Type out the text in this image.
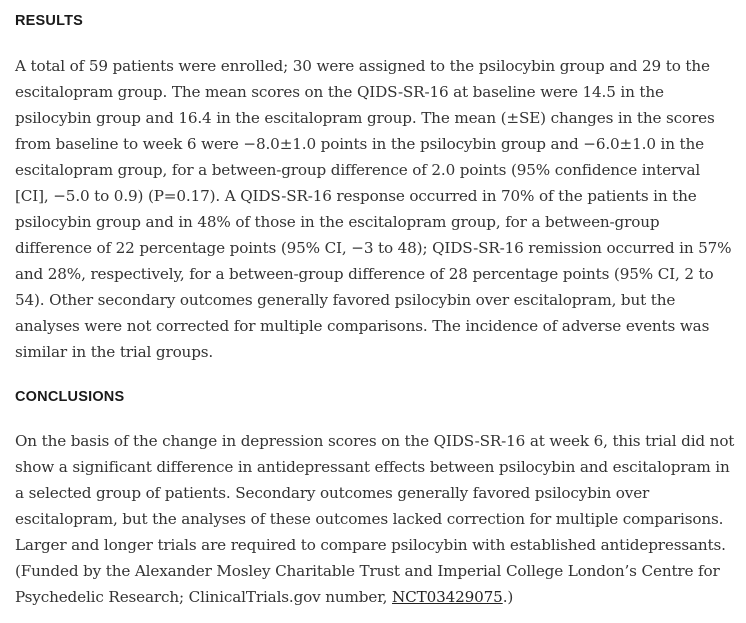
RESULTS

A total of 59 patients were enrolled; 30 were assigned to the psilocybin group and 29 to the escitalopram group. The mean scores on the QIDS-SR-16 at baseline were 14.5 in the psilocybin group and 16.4 in the escitalopram group. The mean (±SE) changes in the scores from baseline to week 6 were −8.0±1.0 points in the psilocybin group and −6.0±1.0 in the escitalopram group, for a between-group difference of 2.0 points (95% confidence interval [CI], −5.0 to 0.9) (P=0.17). A QIDS-SR-16 response occurred in 70% of the patients in the psilocybin group and in 48% of those in the escitalopram group, for a between-group difference of 22 percentage points (95% CI, −3 to 48); QIDS-SR-16 remission occurred in 57% and 28%, respectively, for a between-group difference of 28 percentage points (95% CI, 2 to 54). Other secondary outcomes generally favored psilocybin over escitalopram, but the analyses were not corrected for multiple comparisons. The incidence of adverse events was similar in the trial groups.

CONCLUSIONS

On the basis of the change in depression scores on the QIDS-SR-16 at week 6, this trial did not show a significant difference in antidepressant effects between psilocybin and escitalopram in a selected group of patients. Secondary outcomes generally favored psilocybin over escitalopram, but the analyses of these outcomes lacked correction for multiple comparisons. Larger and longer trials are required to compare psilocybin with established antidepressants. (Funded by the Alexander Mosley Charitable Trust and Imperial College London’s Centre for Psychedelic Research; ClinicalTrials.gov number, NCT03429075.)
